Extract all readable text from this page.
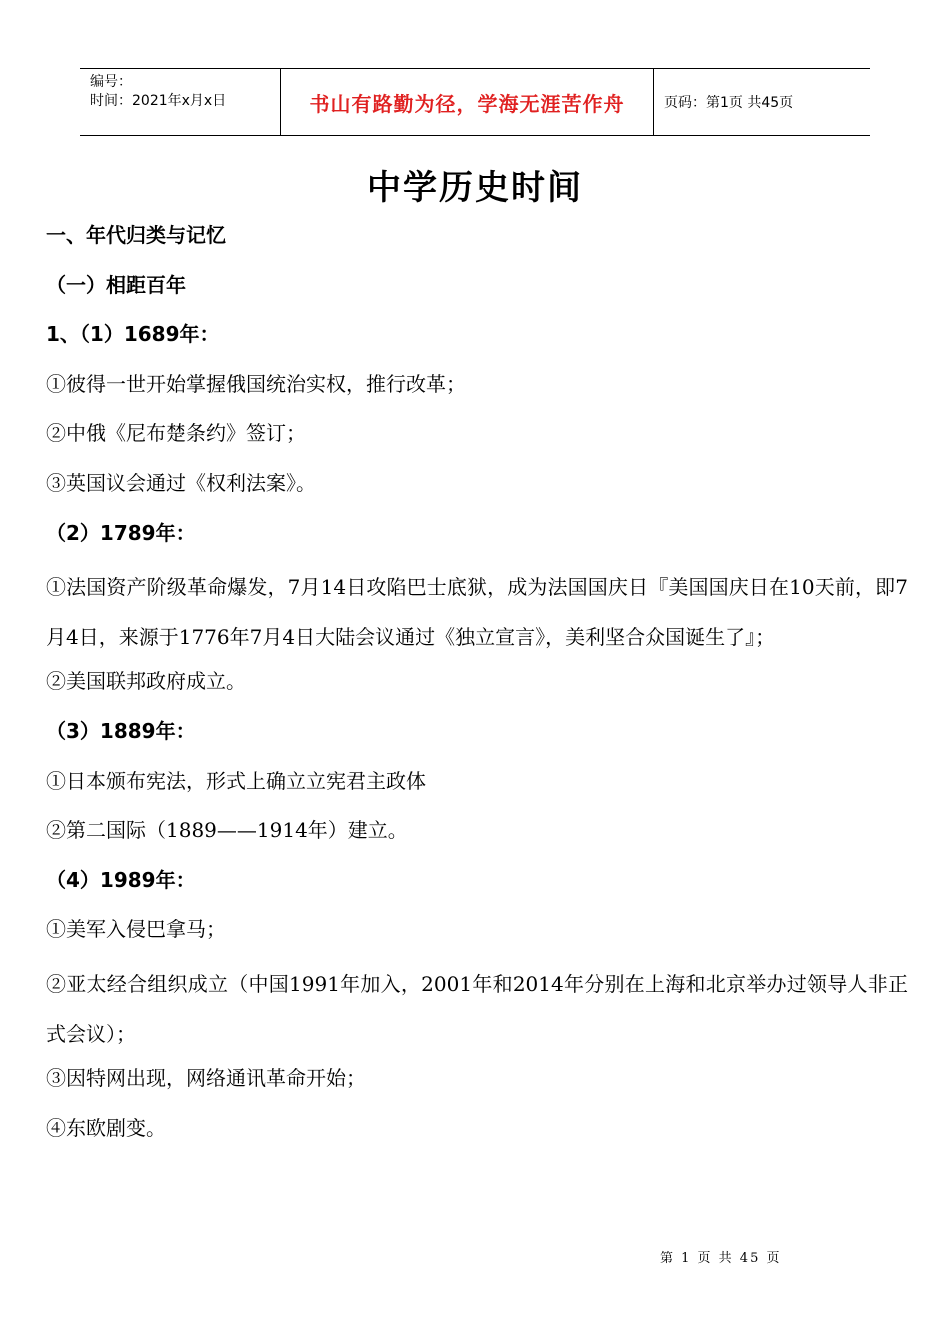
编号：
时间：2021年x月x日	书山有路勤为径，学海无涯苦作舟	页码：第1页 共45页
中学历史时间
一、年代归类与记忆
（一）相距百年
1、（1）1689年：
①彼得一世开始掌握俄国统治实权，推行改革；
②中俄《尼布楚条约》签订；
③英国议会通过《权利法案》。
（2）1789年：
①法国资产阶级革命爆发，7月14日攻陷巴士底狱，成为法国国庆日『美国国庆日在10天前，即7月4日，来源于1776年7月4日大陆会议通过《独立宣言》，美利坚合众国诞生了』；
②美国联邦政府成立。
（3）1889年：
①日本颁布宪法，形式上确立立宪君主政体
②第二国际（1889——1914年）建立。
（4）1989年：
①美军入侵巴拿马；
②亚太经合组织成立（中国1991年加入，2001年和2014年分别在上海和北京举办过领导人非正式会议）；
③因特网出现，网络通讯革命开始；
④东欧剧变。
第 1 页 共 45 页
